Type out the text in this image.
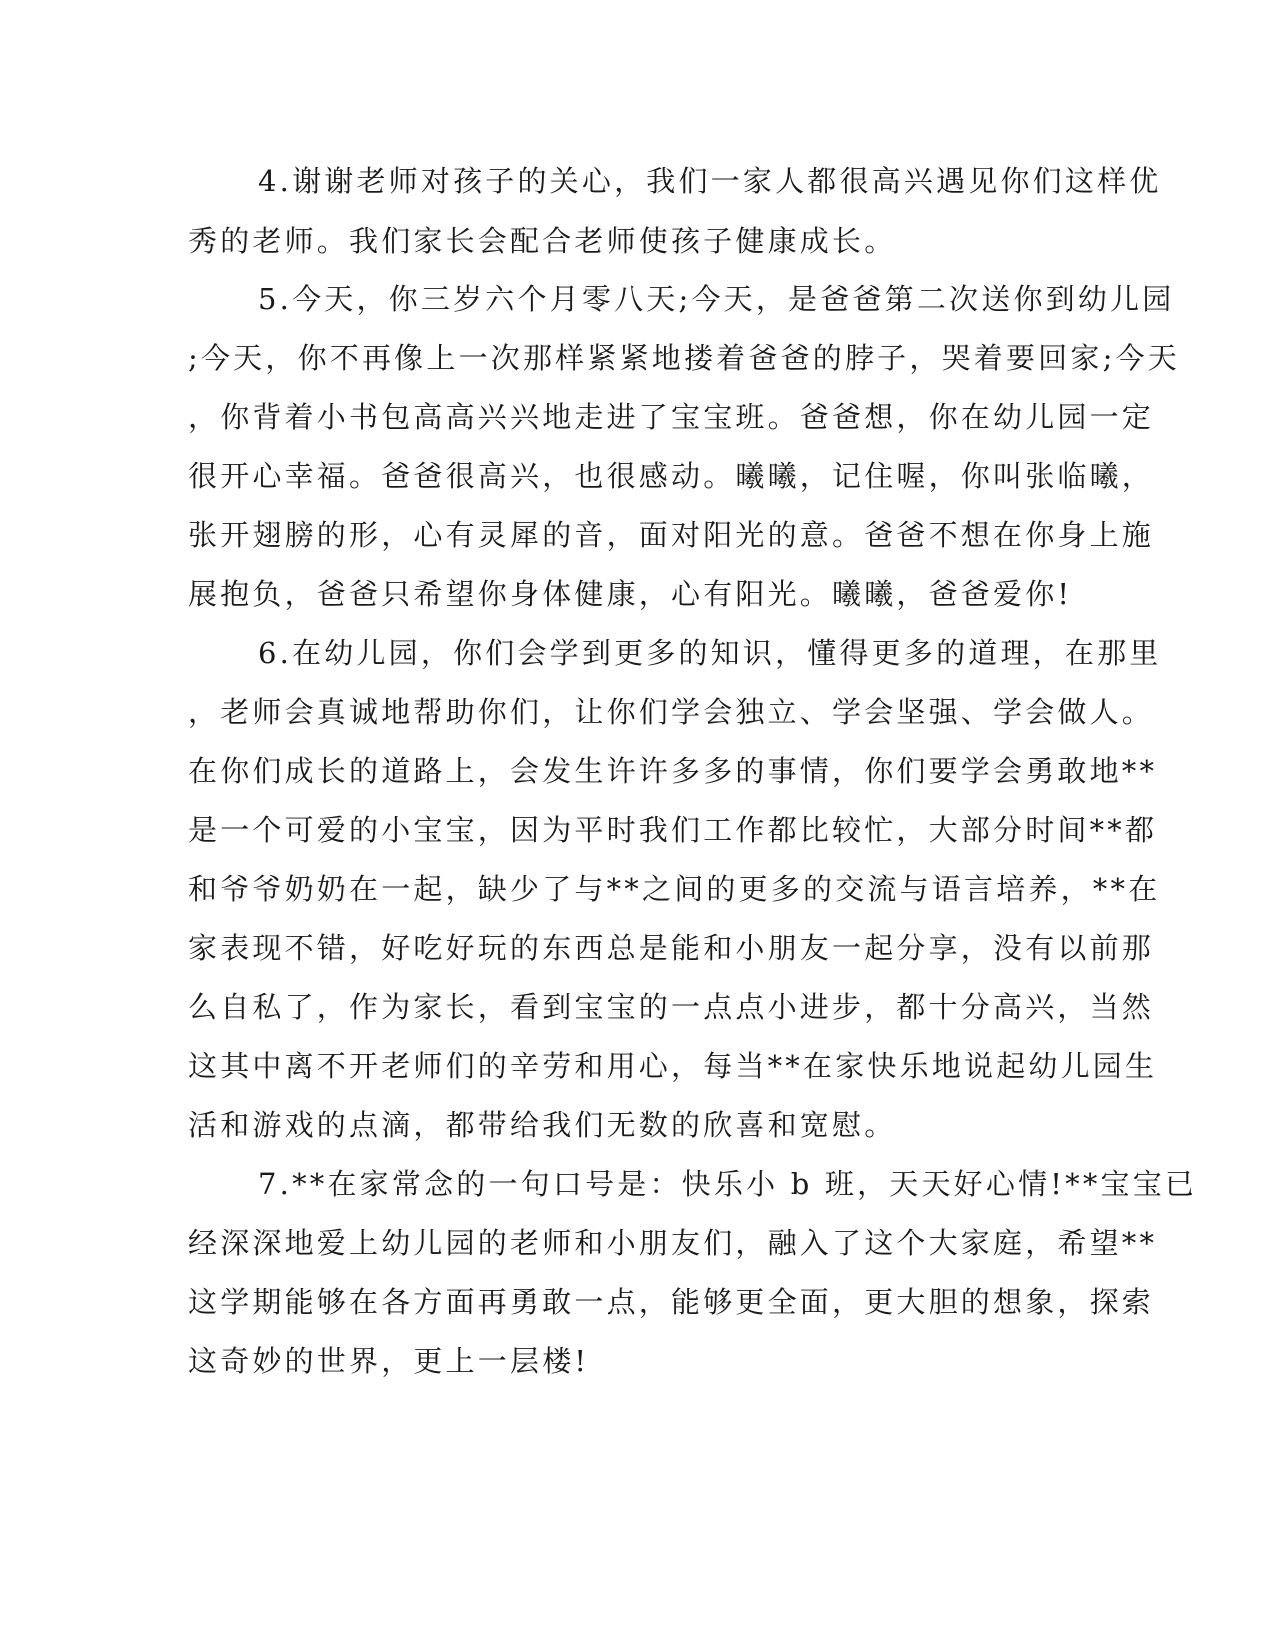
4.谢谢老师对孩子的关心，我们一家人都很高兴遇见你们这样优
秀的老师。我们家长会配合老师使孩子健康成长。
5.今天，你三岁六个月零八天;今天，是爸爸第二次送你到幼儿园
;今天，你不再像上一次那样紧紧地搂着爸爸的脖子，哭着要回家;今天
，你背着小书包高高兴兴地走进了宝宝班。爸爸想，你在幼儿园一定
很开心幸福。爸爸很高兴，也很感动。曦曦，记住喔，你叫张临曦，
张开翅膀的形，心有灵犀的音，面对阳光的意。爸爸不想在你身上施
展抱负，爸爸只希望你身体健康，心有阳光。曦曦，爸爸爱你!
6.在幼儿园，你们会学到更多的知识，懂得更多的道理，在那里
，老师会真诚地帮助你们，让你们学会独立、学会坚强、学会做人。
在你们成长的道路上，会发生许许多多的事情，你们要学会勇敢地**
是一个可爱的小宝宝，因为平时我们工作都比较忙，大部分时间**都
和爷爷奶奶在一起，缺少了与**之间的更多的交流与语言培养，**在
家表现不错，好吃好玩的东西总是能和小朋友一起分享，没有以前那
么自私了，作为家长，看到宝宝的一点点小进步，都十分高兴，当然
这其中离不开老师们的辛劳和用心，每当**在家快乐地说起幼儿园生
活和游戏的点滴，都带给我们无数的欣喜和宽慰。
7.**在家常念的一句口号是：快乐小 b 班，天天好心情!**宝宝已
经深深地爱上幼儿园的老师和小朋友们，融入了这个大家庭，希望**
这学期能够在各方面再勇敢一点，能够更全面，更大胆的想象，探索
这奇妙的世界，更上一层楼!
